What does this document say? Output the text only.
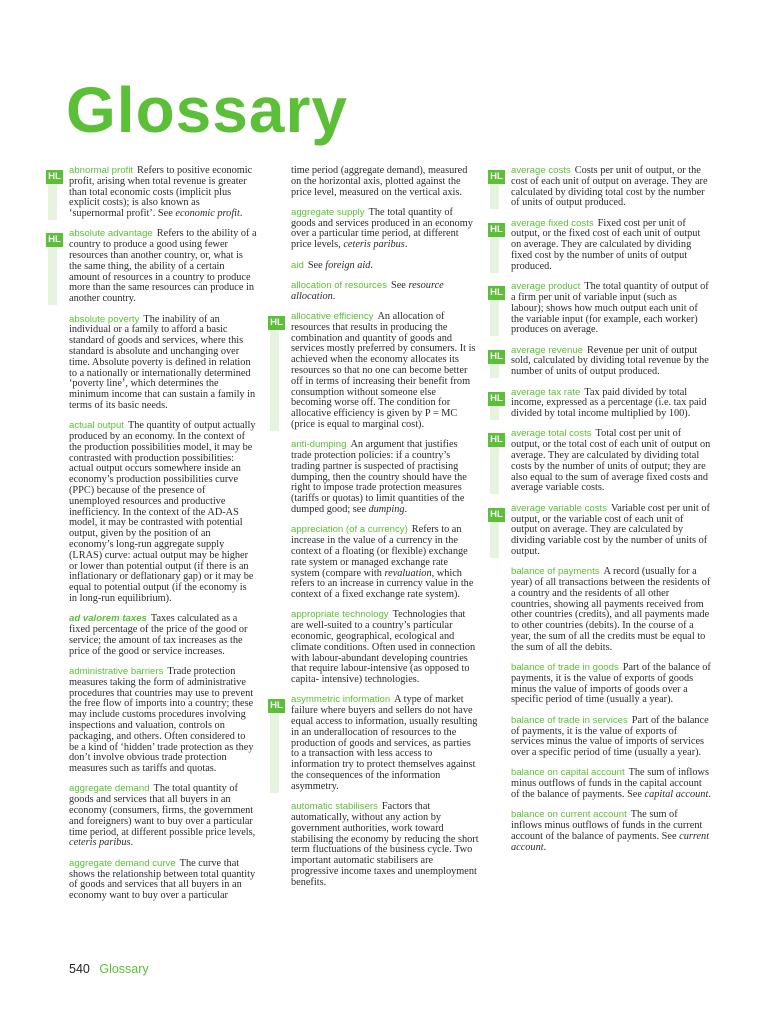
Glossary

HL
abnormal profit Refers to positive economic profit, arising when total revenue is greater than total economic costs (implicit plus explicit costs); is also known as ‘supernormal profit’. See economic profit.

HL
absolute advantage Refers to the ability of a country to produce a good using fewer resources than another country, or, what is the same thing, the ability of a certain amount of resources in a country to produce more than the same resources can produce in another country.

absolute poverty The inability of an individual or a family to afford a basic standard of goods and services, where this standard is absolute and unchanging over time. Absolute poverty is defined in relation to a nationally or internationally determined ‘poverty line’, which determines the minimum income that can sustain a family in terms of its basic needs.

actual output The quantity of output actually produced by an economy. In the context of the production possibilities model, it may be contrasted with production possibilities: actual output occurs somewhere inside an economy’s production possibilities curve (PPC) because of the presence of unemployed resources and productive inefficiency. In the context of the AD-AS model, it may be contrasted with potential output, given by the position of an economy’s long-run aggregate supply (LRAS) curve: actual output may be higher or lower than potential output (if there is an inflationary or deflationary gap) or it may be equal to potential output (if the economy is in long-run equilibrium).

ad valorem taxes Taxes calculated as a fixed percentage of the price of the good or service; the amount of tax increases as the price of the good or service increases.

administrative barriers Trade protection measures taking the form of administrative procedures that countries may use to prevent the free flow of imports into a country; these may include customs procedures involving inspections and valuation, controls on packaging, and others. Often considered to be a kind of ‘hidden’ trade protection as they don’t involve obvious trade protection measures such as tariffs and quotas.

aggregate demand The total quantity of goods and services that all buyers in an economy (consumers, firms, the government and foreigners) want to buy over a particular time period, at different possible price levels, ceteris paribus.

aggregate demand curve The curve that shows the relationship between total quantity of goods and services that all buyers in an economy want to buy over a particular

time period (aggregate demand), measured on the horizontal axis, plotted against the price level, measured on the vertical axis.

aggregate supply The total quantity of goods and services produced in an economy over a particular time period, at different price levels, ceteris paribus.

aid See foreign aid.

allocation of resources See resource allocation.

HL
allocative efficiency An allocation of resources that results in producing the combination and quantity of goods and services mostly preferred by consumers. It is achieved when the economy allocates its resources so that no one can become better off in terms of increasing their benefit from consumption without someone else becoming worse off. The condition for allocative efficiency is given by P = MC (price is equal to marginal cost).

anti-dumping An argument that justifies trade protection policies: if a country’s trading partner is suspected of practising dumping, then the country should have the right to impose trade protection measures (tariffs or quotas) to limit quantities of the dumped good; see dumping.

appreciation (of a currency) Refers to an increase in the value of a currency in the context of a floating (or flexible) exchange rate system or managed exchange rate system (compare with revaluation, which refers to an increase in currency value in the context of a fixed exchange rate system).

appropriate technology Technologies that are well-suited to a country’s particular economic, geographical, ecological and climate conditions. Often used in connection with labour-abundant developing countries that require labour-intensive (as opposed to capita- intensive) technologies.

HL
asymmetric information A type of market failure where buyers and sellers do not have equal access to information, usually resulting in an underallocation of resources to the production of goods and services, as parties to a transaction with less access to information try to protect themselves against the consequences of the information asymmetry.

automatic stabilisers Factors that automatically, without any action by government authorities, work toward stabilising the economy by reducing the short term fluctuations of the business cycle. Two important automatic stabilisers are progressive income taxes and unemployment benefits.

HL
average costs Costs per unit of output, or the cost of each unit of output on average. They are calculated by dividing total cost by the number of units of output produced.

HL
average fixed costs Fixed cost per unit of output, or the fixed cost of each unit of output on average. They are calculated by dividing fixed cost by the number of units of output produced.

HL
average product The total quantity of output of a firm per unit of variable input (such as labour); shows how much output each unit of the variable input (for example, each worker) produces on average.

HL
average revenue Revenue per unit of output sold, calculated by dividing total revenue by the number of units of output produced.

HL
average tax rate Tax paid divided by total income, expressed as a percentage (i.e. tax paid divided by total income multiplied by 100).

HL
average total costs Total cost per unit of output, or the total cost of each unit of output on average. They are calculated by dividing total costs by the number of units of output; they are also equal to the sum of average fixed costs and average variable costs.

HL
average variable costs Variable cost per unit of output, or the variable cost of each unit of output on average. They are calculated by dividing variable cost by the number of units of output.

balance of payments A record (usually for a year) of all transactions between the residents of a country and the residents of all other countries, showing all payments received from other countries (credits), and all payments made to other countries (debits). In the course of a year, the sum of all the credits must be equal to the sum of all the debits.

balance of trade in goods Part of the balance of payments, it is the value of exports of goods minus the value of imports of goods over a specific period of time (usually a year).

balance of trade in services Part of the balance of payments, it is the value of exports of services minus the value of imports of services over a specific period of time (usually a year).

balance on capital account The sum of inflows minus outflows of funds in the capital account of the balance of payments. See capital account.

balance on current account The sum of inflows minus outflows of funds in the current account of the balance of payments. See current account.

540 Glossary
